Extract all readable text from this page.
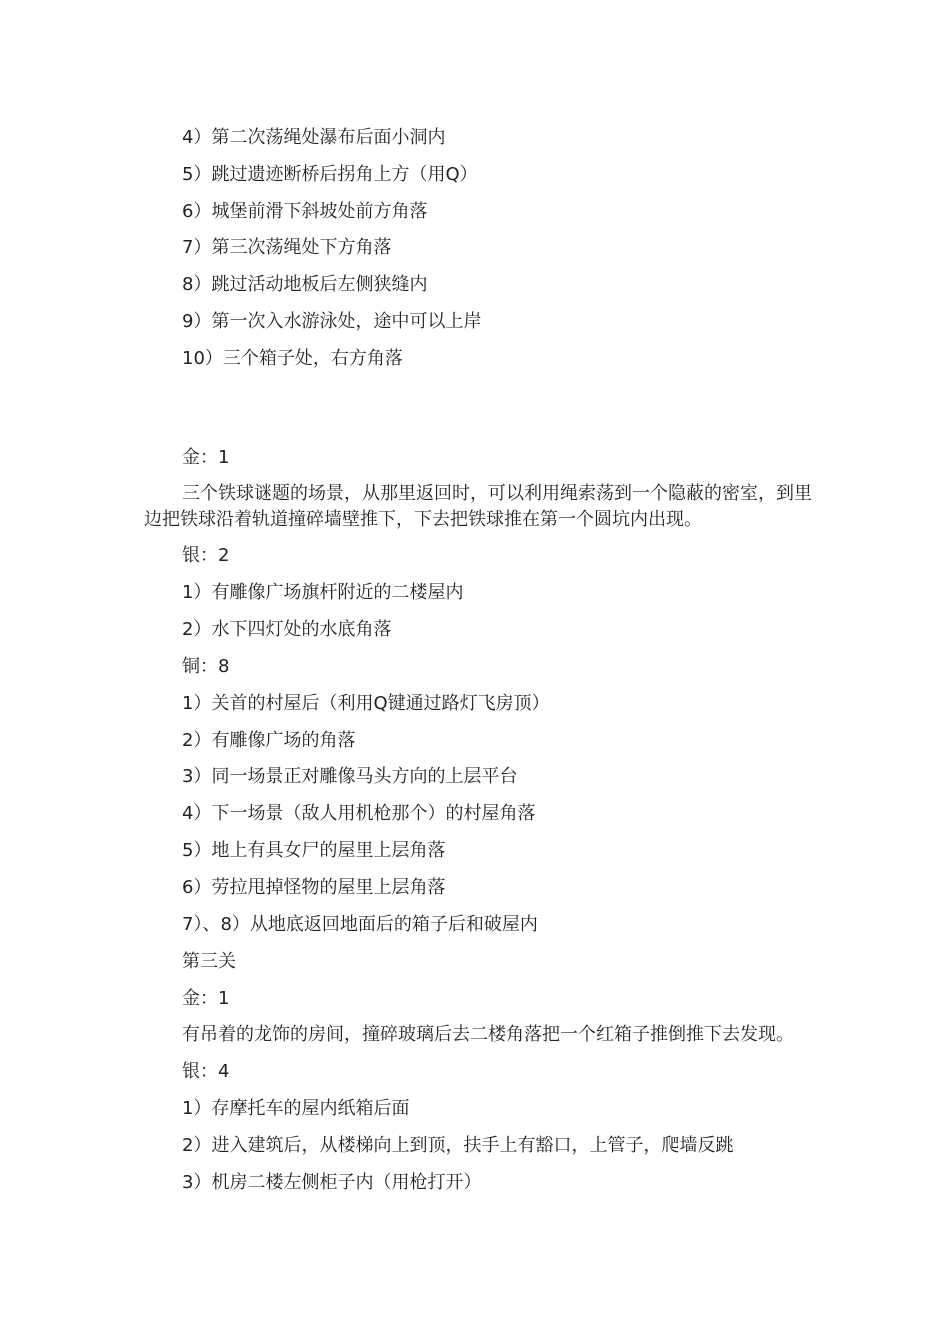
4）第二次荡绳处瀑布后面小洞内
5）跳过遗迹断桥后拐角上方（用Q）
6）城堡前滑下斜坡处前方角落
7）第三次荡绳处下方角落
8）跳过活动地板后左侧狭缝内
9）第一次入水游泳处，途中可以上岸
10）三个箱子处，右方角落
金：1
三个铁球谜题的场景，从那里返回时，可以利用绳索荡到一个隐蔽的密室，到里边把铁球沿着轨道撞碎墙壁推下，下去把铁球推在第一个圆坑内出现。
银：2
1）有雕像广场旗杆附近的二楼屋内
2）水下四灯处的水底角落
铜：8
1）关首的村屋后（利用Q键通过路灯飞房顶）
2）有雕像广场的角落
3）同一场景正对雕像马头方向的上层平台
4）下一场景（敌人用机枪那个）的村屋角落
5）地上有具女尸的屋里上层角落
6）劳拉甩掉怪物的屋里上层角落
7）、8）从地底返回地面后的箱子后和破屋内
第三关
金：1
有吊着的龙饰的房间，撞碎玻璃后去二楼角落把一个红箱子推倒推下去发现。
银：4
1）存摩托车的屋内纸箱后面
2）进入建筑后，从楼梯向上到顶，扶手上有豁口，上管子，爬墙反跳
3）机房二楼左侧柜子内（用枪打开）
